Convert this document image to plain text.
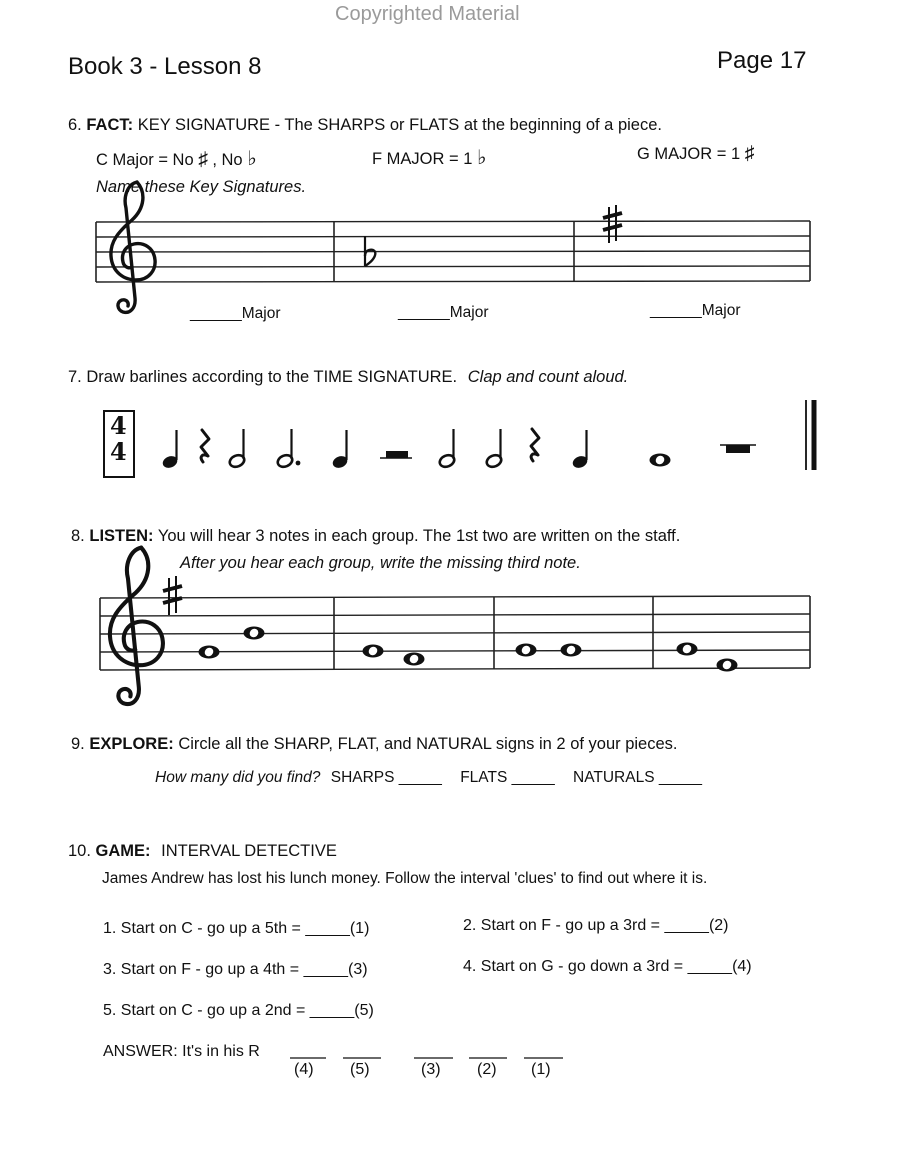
Copyrighted Material
Book 3 - Lesson 8	Page 17
6. FACT: KEY SIGNATURE - The SHARPS or FLATS at the beginning of a piece.
C Major = No ♯ , No ♭	F MAJOR = 1 ♭	G MAJOR = 1 ♯
Name these Key Signatures.
______Major	______Major	______Major
7. Draw barlines according to the TIME SIGNATURE. Clap and count aloud.
4
4
8. LISTEN: You will hear 3 notes in each group. The 1st two are written on the staff.
After you hear each group, write the missing third note.
9. EXPLORE: Circle all the SHARP, FLAT, and NATURAL signs in 2 of your pieces.
How many did you find? SHARPS _____ FLATS _____ NATURALS _____
10. GAME: INTERVAL DETECTIVE
James Andrew has lost his lunch money. Follow the interval 'clues' to find out where it is.
1. Start on C - go up a 5th = _____(1)	2. Start on F - go up a 3rd = _____(2)
3. Start on F - go up a 4th = _____(3)	4. Start on G - go down a 3rd = _____(4)
5. Start on C - go up a 2nd = _____(5)
ANSWER: It's in his R
(4) (5)	(3) (2) (1)
